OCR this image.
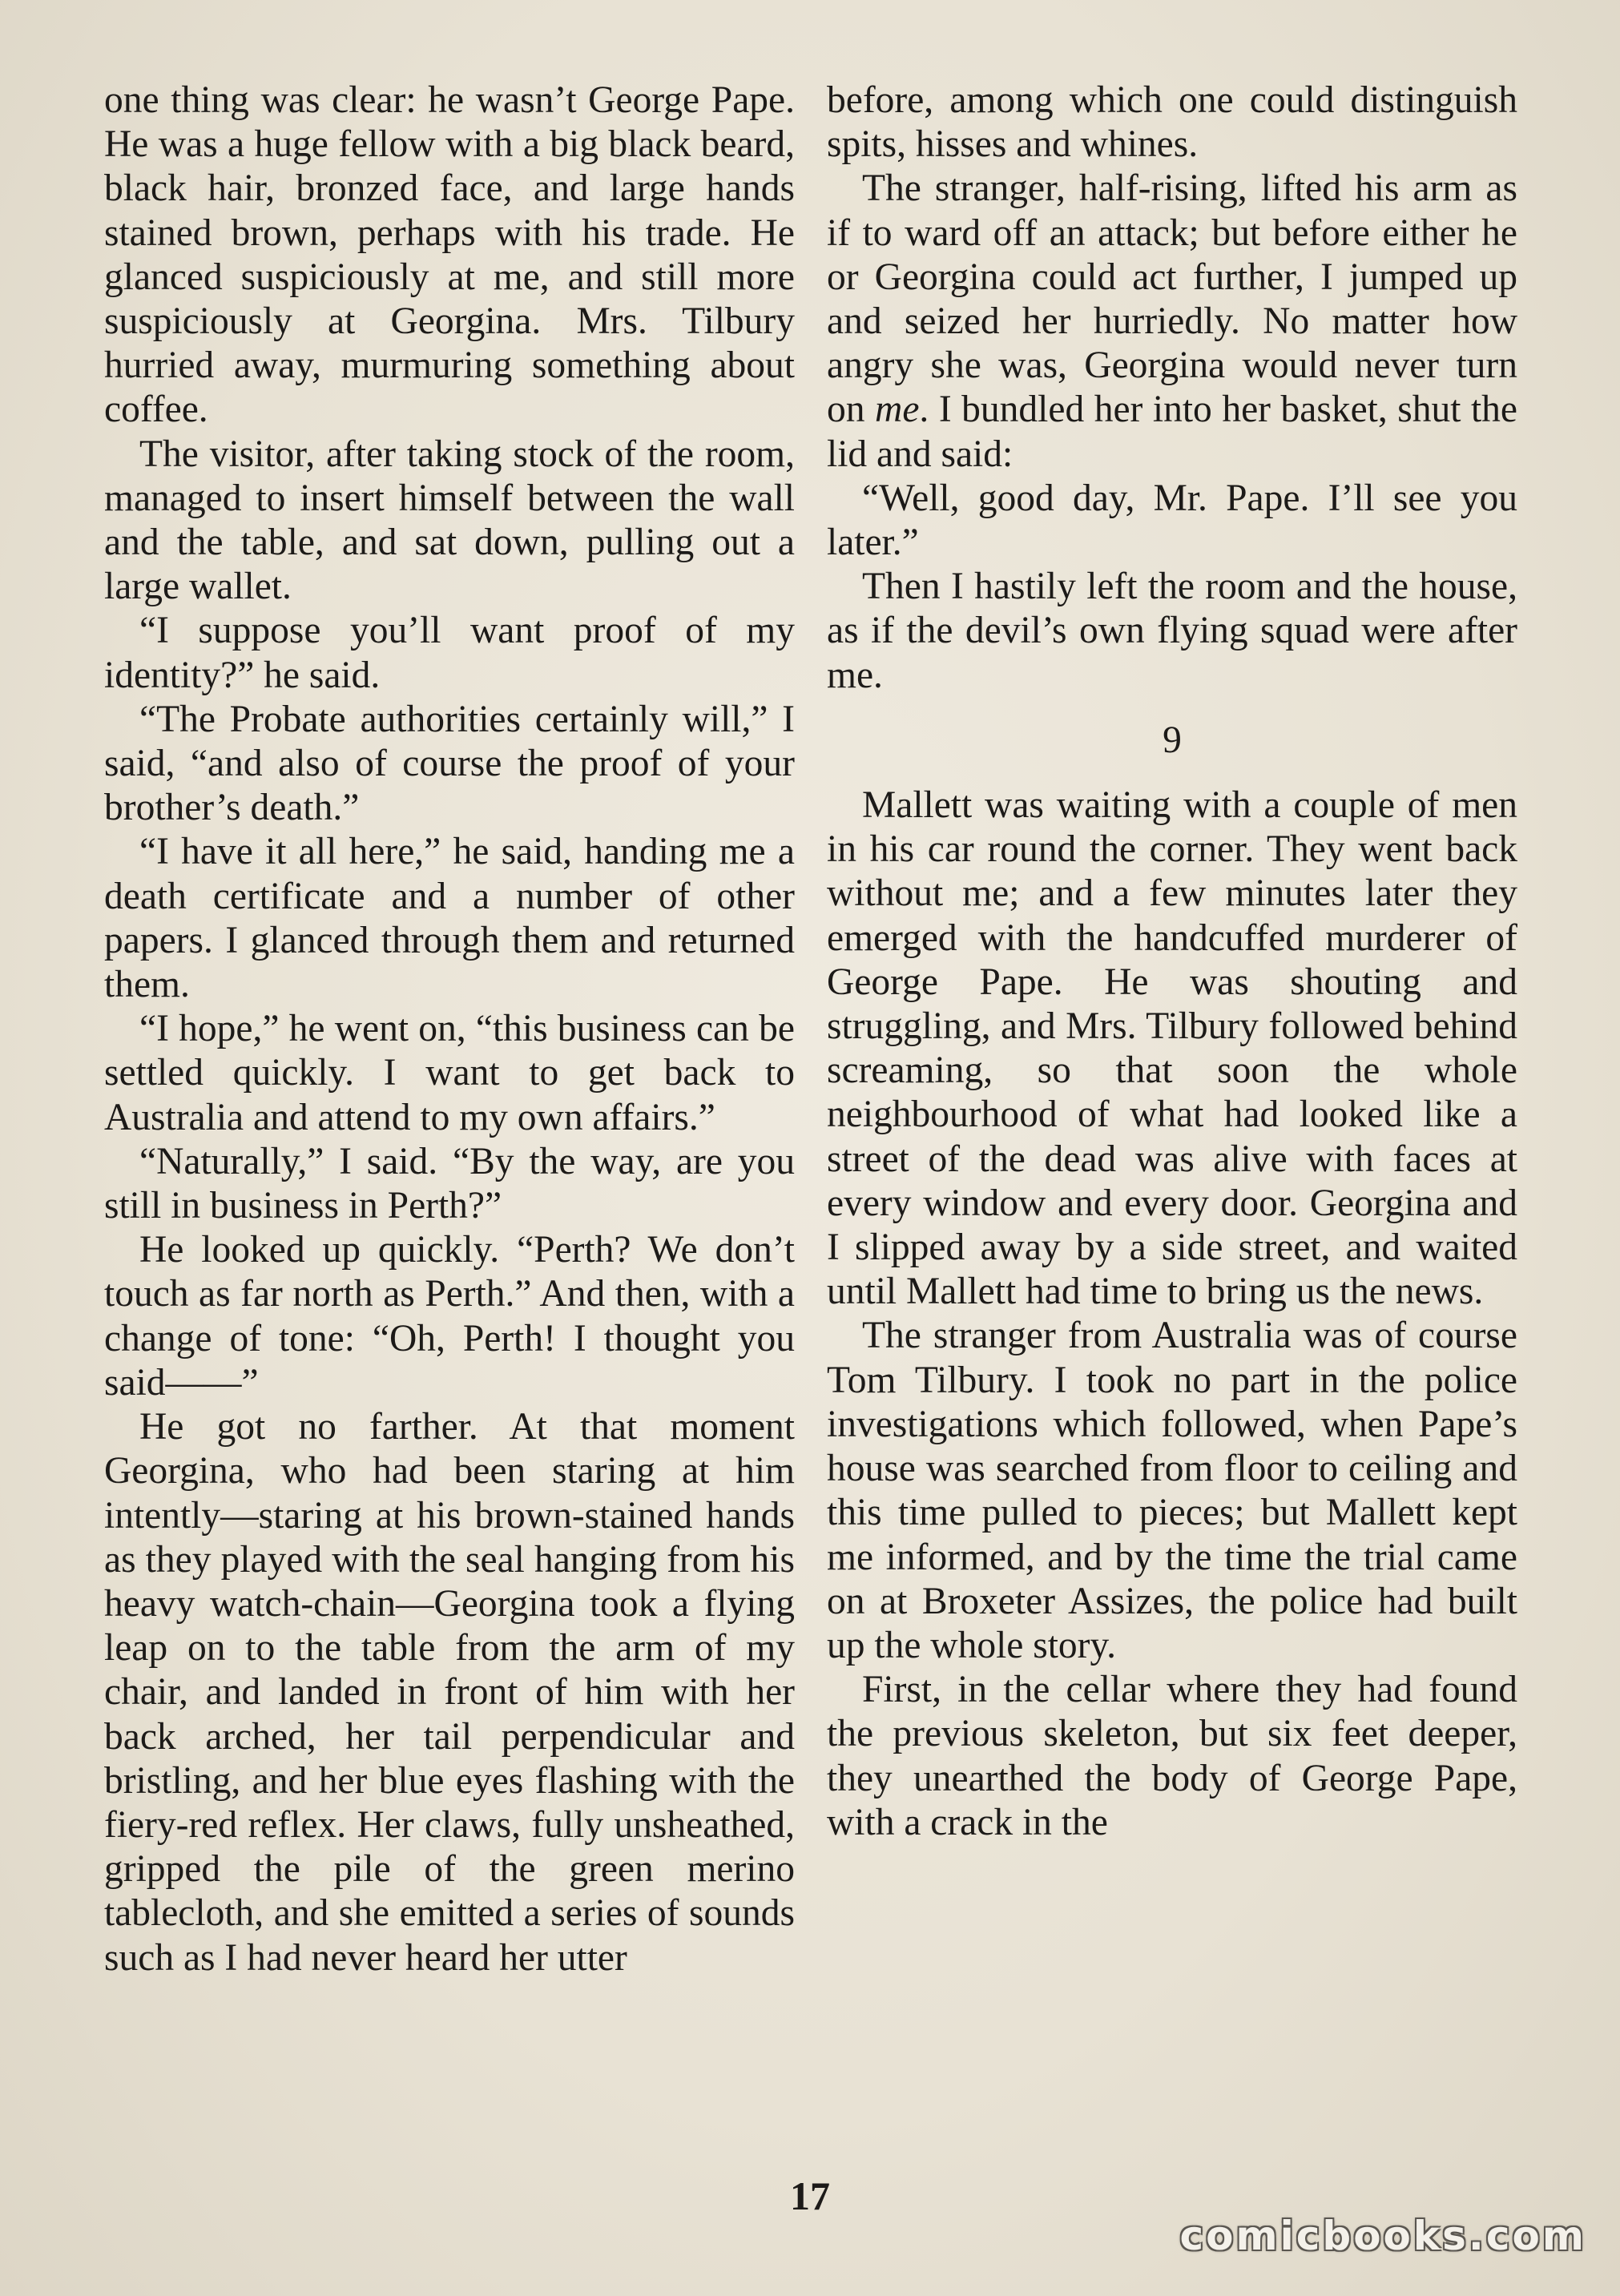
one thing was clear: he wasn’t George Pape. He was a huge fellow with a big black beard, black hair, bronzed face, and large hands stained brown, perhaps with his trade. He glanced suspiciously at me, and still more suspiciously at Georgina. Mrs. Tilbury hurried away, murmuring something about coffee.

The visitor, after taking stock of the room, managed to insert himself between the wall and the table, and sat down, pulling out a large wallet.

“I suppose you’ll want proof of my identity?” he said.

“The Probate authorities certainly will,” I said, “and also of course the proof of your brother’s death.”

“I have it all here,” he said, handing me a death certificate and a number of other papers. I glanced through them and returned them.

“I hope,” he went on, “this business can be settled quickly. I want to get back to Australia and attend to my own affairs.”

“Naturally,” I said. “By the way, are you still in business in Perth?”

He looked up quickly. “Perth? We don’t touch as far north as Perth.” And then, with a change of tone: “Oh, Perth! I thought you said——”

He got no farther. At that moment Georgina, who had been staring at him intently—staring at his brown-stained hands as they played with the seal hanging from his heavy watch-chain—Georgina took a flying leap on to the table from the arm of my chair, and landed in front of him with her back arched, her tail perpendicular and bristling, and her blue eyes flashing with the fiery-red reflex. Her claws, fully unsheathed, gripped the pile of the green merino tablecloth, and she emitted a series of sounds such as I had never heard her utter

before, among which one could distinguish spits, hisses and whines.

The stranger, half-rising, lifted his arm as if to ward off an attack; but before either he or Georgina could act further, I jumped up and seized her hurriedly. No matter how angry she was, Georgina would never turn on me. I bundled her into her basket, shut the lid and said:

“Well, good day, Mr. Pape. I’ll see you later.”

Then I hastily left the room and the house, as if the devil’s own flying squad were after me.

9

Mallett was waiting with a couple of men in his car round the corner. They went back without me; and a few minutes later they emerged with the handcuffed murderer of George Pape. He was shouting and struggling, and Mrs. Tilbury followed behind screaming, so that soon the whole neighbourhood of what had looked like a street of the dead was alive with faces at every window and every door. Georgina and I slipped away by a side street, and waited until Mallett had time to bring us the news.

The stranger from Australia was of course Tom Tilbury. I took no part in the police investigations which followed, when Pape’s house was searched from floor to ceiling and this time pulled to pieces; but Mallett kept me informed, and by the time the trial came on at Broxeter Assizes, the police had built up the whole story.

First, in the cellar where they had found the previous skeleton, but six feet deeper, they unearthed the body of George Pape, with a crack in the

17
comicbooks.com
